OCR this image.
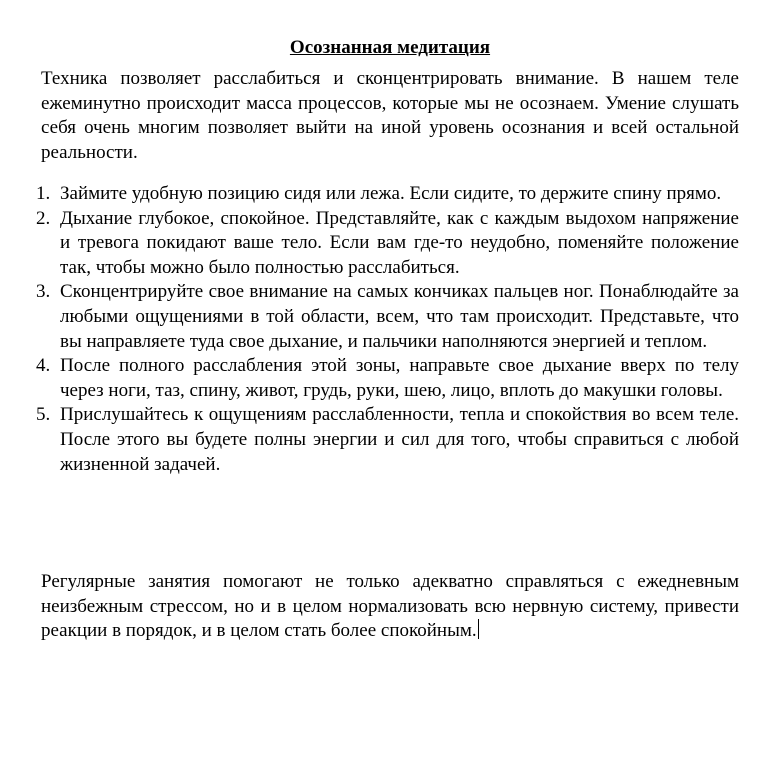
Осознанная медитация

Техника позволяет расслабиться и сконцентрировать внимание. В нашем теле ежеминутно происходит масса процессов, которые мы не осознаем. Умение слушать себя очень многим позволяет выйти на иной уровень осознания и всей остальной реальности.

1. Займите удобную позицию сидя или лежа. Если сидите, то держите спину прямо.
2. Дыхание глубокое, спокойное. Представляйте, как с каждым выдохом напряжение и тревога покидают ваше тело. Если вам где-то неудобно, поменяйте положение так, чтобы можно было полностью расслабиться.
3. Сконцентрируйте свое внимание на самых кончиках пальцев ног. Понаблюдайте за любыми ощущениями в той области, всем, что там происходит. Представьте, что вы направляете туда свое дыхание, и пальчики наполняются энергией и теплом.
4. После полного расслабления этой зоны, направьте свое дыхание вверх по телу через ноги, таз, спину, живот, грудь, руки, шею, лицо, вплоть до макушки головы.
5. Прислушайтесь к ощущениям расслабленности, тепла и спокойствия во всем теле. После этого вы будете полны энергии и сил для того, чтобы справиться с любой жизненной задачей.

Регулярные занятия помогают не только адекватно справляться с ежедневным неизбежным стрессом, но и в целом нормализовать всю нервную систему, привести реакции в порядок, и в целом стать более спокойным.
